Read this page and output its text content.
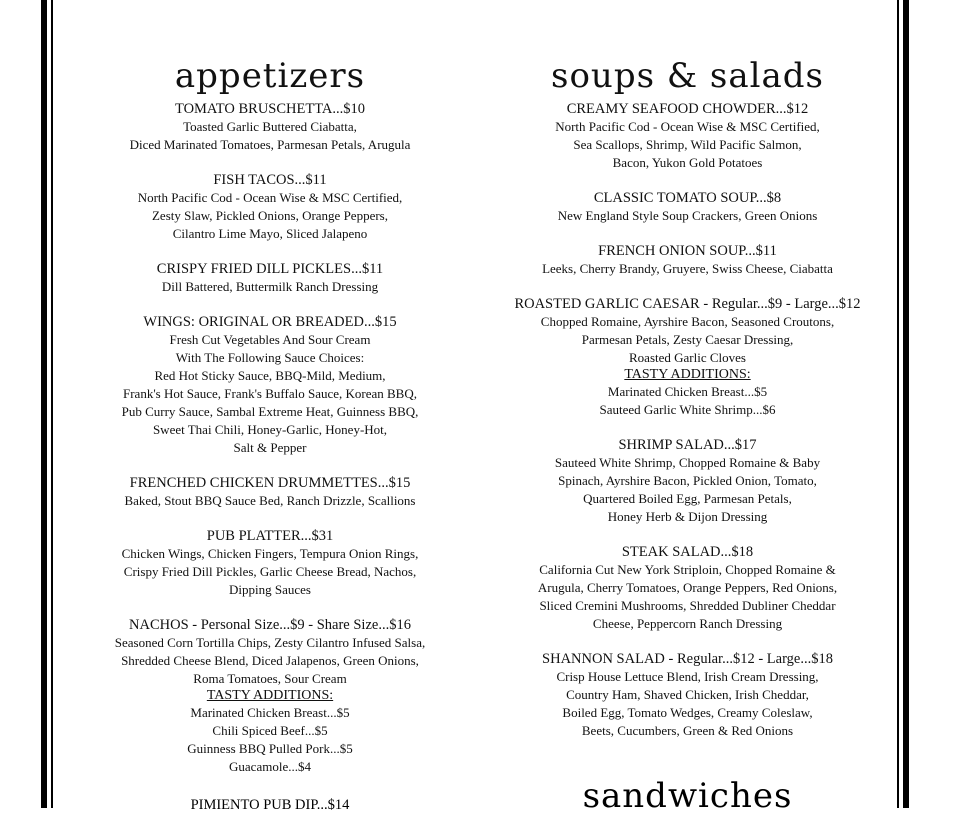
appetizers
TOMATO BRUSCHETTA...$10
Toasted Garlic Buttered Ciabatta,
Diced Marinated Tomatoes, Parmesan Petals, Arugula
FISH TACOS...$11
North Pacific Cod - Ocean Wise & MSC Certified,
Zesty Slaw, Pickled Onions, Orange Peppers,
Cilantro Lime Mayo, Sliced Jalapeno
CRISPY FRIED DILL PICKLES...$11
Dill Battered, Buttermilk Ranch Dressing
WINGS: ORIGINAL OR BREADED...$15
Fresh Cut Vegetables And Sour Cream
With The Following Sauce Choices:
Red Hot Sticky Sauce, BBQ-Mild, Medium,
Frank's Hot Sauce, Frank's Buffalo Sauce, Korean BBQ,
Pub Curry Sauce, Sambal Extreme Heat, Guinness BBQ,
Sweet Thai Chili, Honey-Garlic, Honey-Hot,
Salt & Pepper
FRENCHED CHICKEN DRUMMETTES...$15
Baked, Stout BBQ Sauce Bed, Ranch Drizzle, Scallions
PUB PLATTER...$31
Chicken Wings, Chicken Fingers, Tempura Onion Rings,
Crispy Fried Dill Pickles, Garlic Cheese Bread, Nachos,
Dipping Sauces
NACHOS - Personal Size...$9 - Share Size...$16
Seasoned Corn Tortilla Chips, Zesty Cilantro Infused Salsa,
Shredded Cheese Blend, Diced Jalapenos, Green Onions,
Roma Tomatoes, Sour Cream
TASTY ADDITIONS:
Marinated Chicken Breast...$5
Chili Spiced Beef...$5
Guinness BBQ Pulled Pork...$5
Guacamole...$4
PIMIENTO PUB DIP...$14
soups & salads
CREAMY SEAFOOD CHOWDER...$12
North Pacific Cod - Ocean Wise & MSC Certified,
Sea Scallops, Shrimp, Wild Pacific Salmon,
Bacon, Yukon Gold Potatoes
CLASSIC TOMATO SOUP...$8
New England Style Soup Crackers, Green Onions
FRENCH ONION SOUP...$11
Leeks, Cherry Brandy, Gruyere, Swiss Cheese, Ciabatta
ROASTED GARLIC CAESAR - Regular...$9 - Large...$12
Chopped Romaine, Ayrshire Bacon, Seasoned Croutons,
Parmesan Petals, Zesty Caesar Dressing,
Roasted Garlic Cloves
TASTY ADDITIONS:
Marinated Chicken Breast...$5
Sauteed Garlic White Shrimp...$6
SHRIMP SALAD...$17
Sauteed White Shrimp, Chopped Romaine & Baby
Spinach, Ayrshire Bacon, Pickled Onion, Tomato,
Quartered Boiled Egg, Parmesan Petals,
Honey Herb & Dijon Dressing
STEAK SALAD...$18
California Cut New York Striploin, Chopped Romaine &
Arugula, Cherry Tomatoes, Orange Peppers, Red Onions,
Sliced Cremini Mushrooms, Shredded Dubliner Cheddar
Cheese, Peppercorn Ranch Dressing
SHANNON SALAD - Regular...$12 - Large...$18
Crisp House Lettuce Blend, Irish Cream Dressing,
Country Ham, Shaved Chicken, Irish Cheddar,
Boiled Egg, Tomato Wedges, Creamy Coleslaw,
Beets, Cucumbers, Green & Red Onions
sandwiches
